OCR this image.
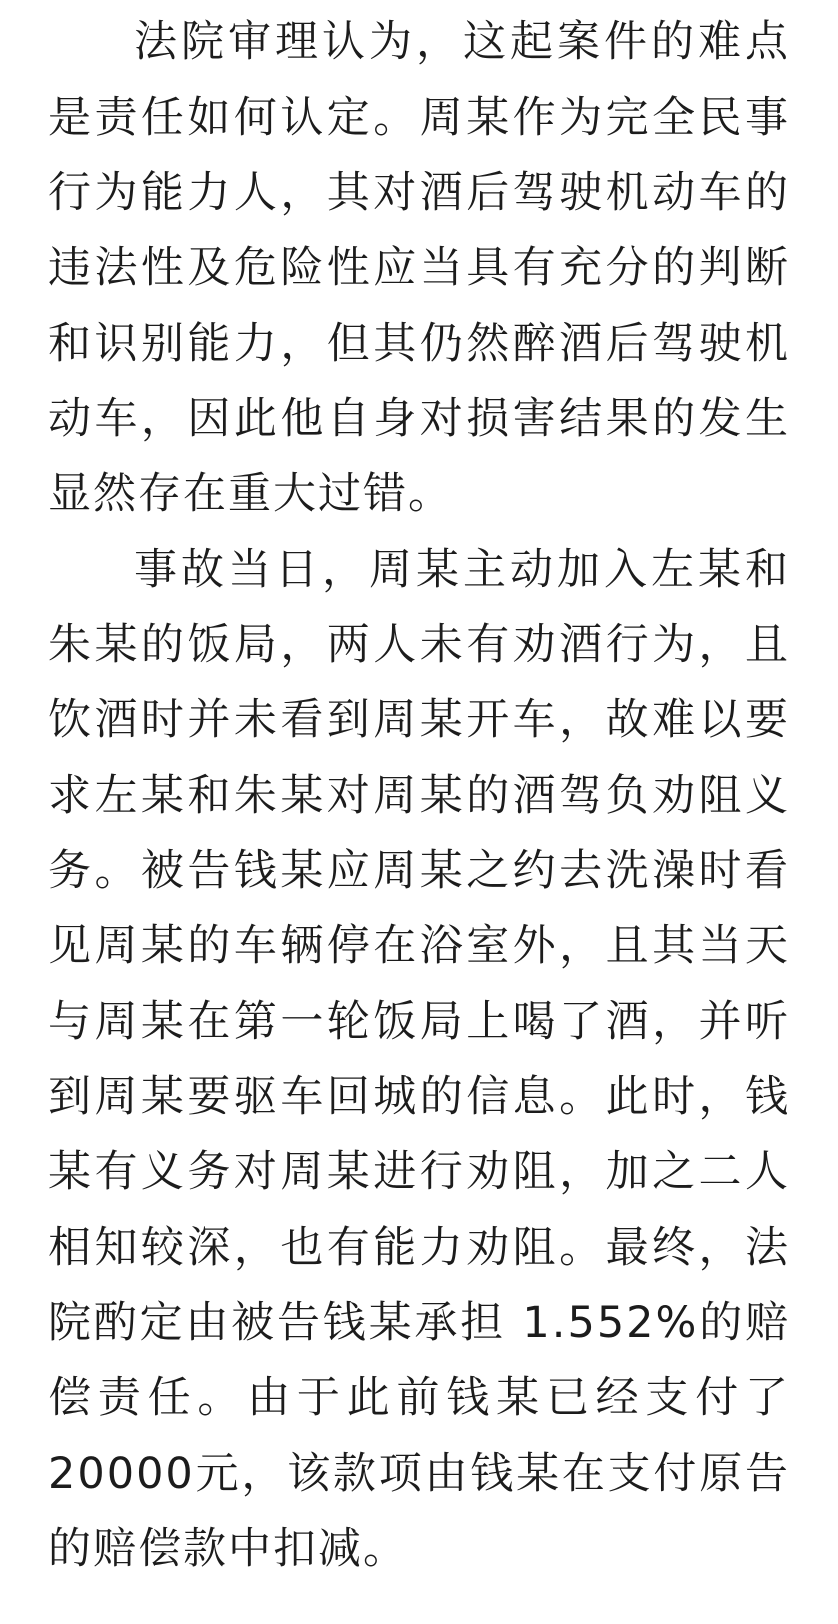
法院审理认为，这起案件的难点
是责任如何认定。周某作为完全民事
行为能力人，其对酒后驾驶机动车的
违法性及危险性应当具有充分的判断
和识别能力，但其仍然醉酒后驾驶机
动车，因此他自身对损害结果的发生
显然存在重大过错。
事故当日，周某主动加入左某和
朱某的饭局，两人未有劝酒行为，且
饮酒时并未看到周某开车，故难以要
求左某和朱某对周某的酒驾负劝阻义
务。被告钱某应周某之约去洗澡时看
见周某的车辆停在浴室外，且其当天
与周某在第一轮饭局上喝了酒，并听
到周某要驱车回城的信息。此时，钱
某有义务对周某进行劝阻，加之二人
相知较深，也有能力劝阻。最终，法
院酌定由被告钱某承担 1.552%的赔
偿责任。由于此前钱某已经支付了
20000元，该款项由钱某在支付原告
的赔偿款中扣减。
